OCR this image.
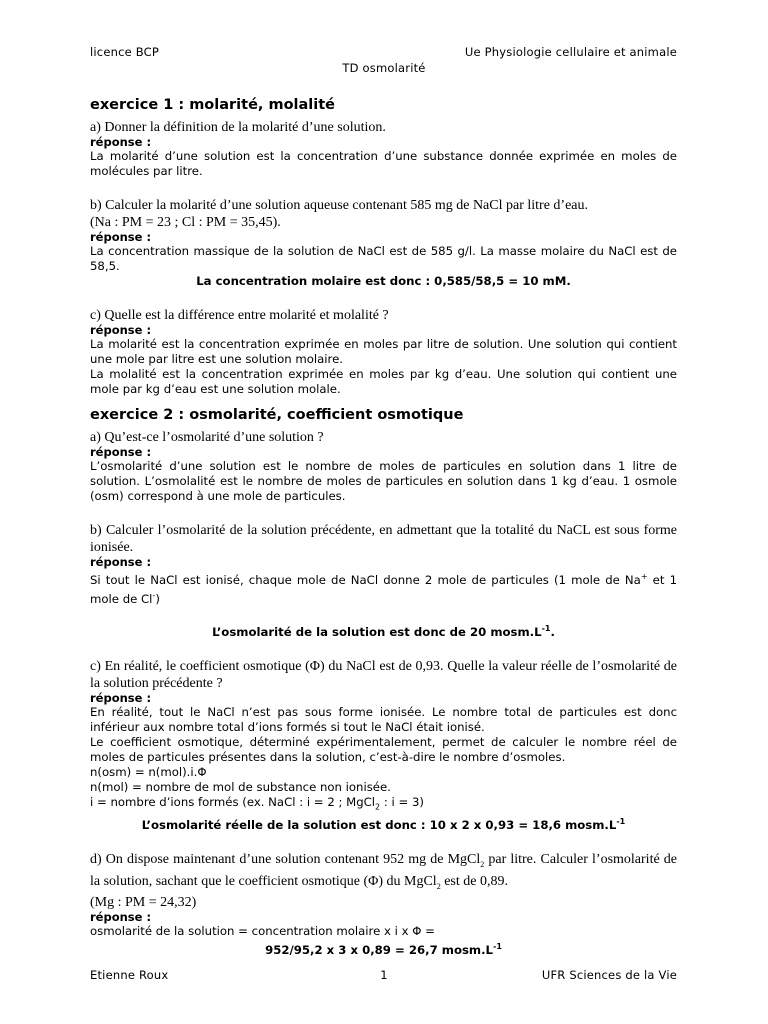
licence BCP	Ue Physiologie cellulaire et animale
TD osmolarité
exercice 1 : molarité, molalité

a) Donner la définition de la molarité d’une solution.

réponse :

La molarité d’une solution est la concentration d’une substance donnée exprimée en moles de molécules par litre.

b) Calculer la molarité d’une solution aqueuse contenant 585 mg de NaCl par litre d’eau.

(Na : PM = 23 ; Cl : PM = 35,45).

réponse :

La concentration massique de la solution de NaCl est de 585 g/l. La masse molaire du NaCl est de 58,5.

La concentration molaire est donc : 0,585/58,5 = 10 mM.

c) Quelle est la différence entre molarité et molalité ?

réponse :

La molarité est la concentration exprimée en moles par litre de solution. Une solution qui contient une mole par litre est une solution molaire.

La molalité est la concentration exprimée en moles par kg d’eau. Une solution qui contient une mole par kg d’eau est une solution molale.

exercice 2 : osmolarité, coefficient osmotique

a) Qu’est-ce l’osmolarité d’une solution ?

réponse :

L’osmolarité d’une solution est le nombre de moles de particules en solution dans 1 litre de solution. L’osmolalité est le nombre de moles de particules en solution dans 1 kg d’eau. 1 osmole (osm) correspond à une mole de particules.

b) Calculer l’osmolarité de la solution précédente, en admettant que la totalité du NaCL est sous forme ionisée.

réponse :

Si tout le NaCl est ionisé, chaque mole de NaCl donne 2 mole de particules (1 mole de Na+ et 1 mole de Cl-)

L’osmolarité de la solution est donc de 20 $mosm.L^{-1}$.

c) En réalité, le coefficient osmotique (Φ) du NaCl est de 0,93. Quelle la valeur réelle de l’osmolarité de la solution précédente ?

réponse :

En réalité, tout le NaCl n’est pas sous forme ionisée. Le nombre total de particules est donc inférieur aux nombre total d’ions formés si tout le NaCl était ionisé.

Le coefficient osmotique, déterminé expérimentalement, permet de calculer le nombre réel de moles de particules présentes dans la solution, c’est-à-dire le nombre d’osmoles.

n(osm) = n(mol).i.Φ

n(mol) = nombre de mol de substance non ionisée.

i = nombre d’ions formés (ex. NaCl : i = 2 ; MgCl$_2$ : i = 3)

L’osmolarité réelle de la solution est donc : 10 x 2 x 0,93 = 18,6 $mosm.L^{-1}$

d) On dispose maintenant d’une solution contenant 952 mg de MgCl$_2$ par litre. Calculer l’osmolarité de la solution, sachant que le coefficient osmotique (Φ) du MgCl$_2$ est de 0,89.

(Mg : PM = 24,32)

réponse :

osmolarité de la solution = concentration molaire x i x Φ =

952/95,2 x 3 x 0,89 = 26,7 $mosm.L^{-1}$

Etienne Roux	1	UFR Sciences de la Vie
